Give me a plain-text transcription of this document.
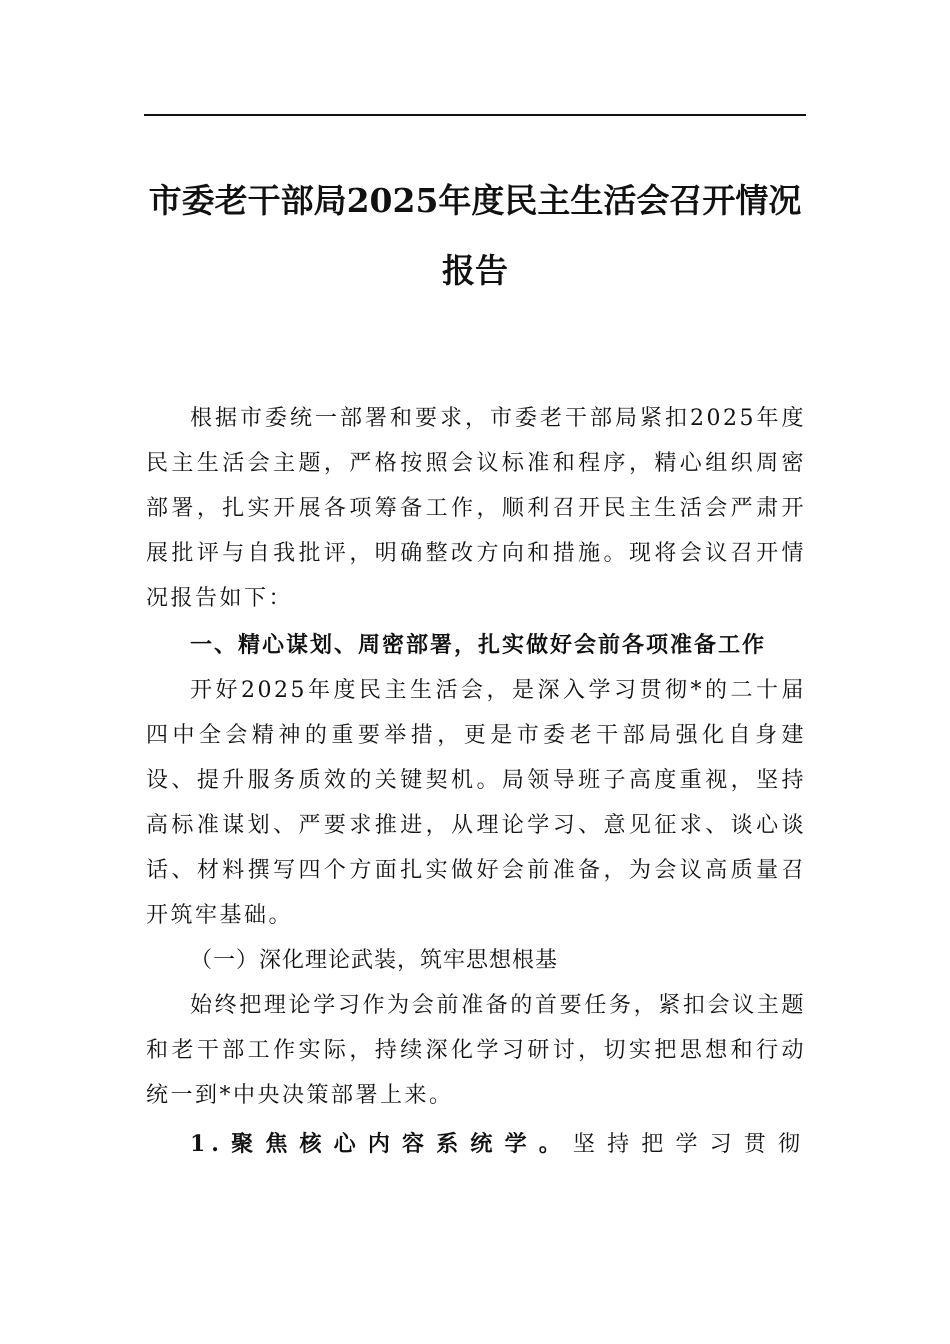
市委老干部局2025年度民主生活会召开情况报告

根据市委统一部署和要求，市委老干部局紧扣2025年度民主生活会主题，严格按照会议标准和程序，精心组织周密部署，扎实开展各项筹备工作，顺利召开民主生活会严肃开展批评与自我批评，明确整改方向和措施。现将会议召开情况报告如下：

一、精心谋划、周密部署，扎实做好会前各项准备工作

开好2025年度民主生活会，是深入学习贯彻*的二十届四中全会精神的重要举措，更是市委老干部局强化自身建设、提升服务质效的关键契机。局领导班子高度重视，坚持高标准谋划、严要求推进，从理论学习、意见征求、谈心谈话、材料撰写四个方面扎实做好会前准备，为会议高质量召开筑牢基础。

（一）深化理论武装，筑牢思想根基

始终把理论学习作为会前准备的首要任务，紧扣会议主题和老干部工作实际，持续深化学习研讨，切实把思想和行动统一到*中央决策部署上来。

1.聚焦核心内容系统学。坚持把学习贯彻
